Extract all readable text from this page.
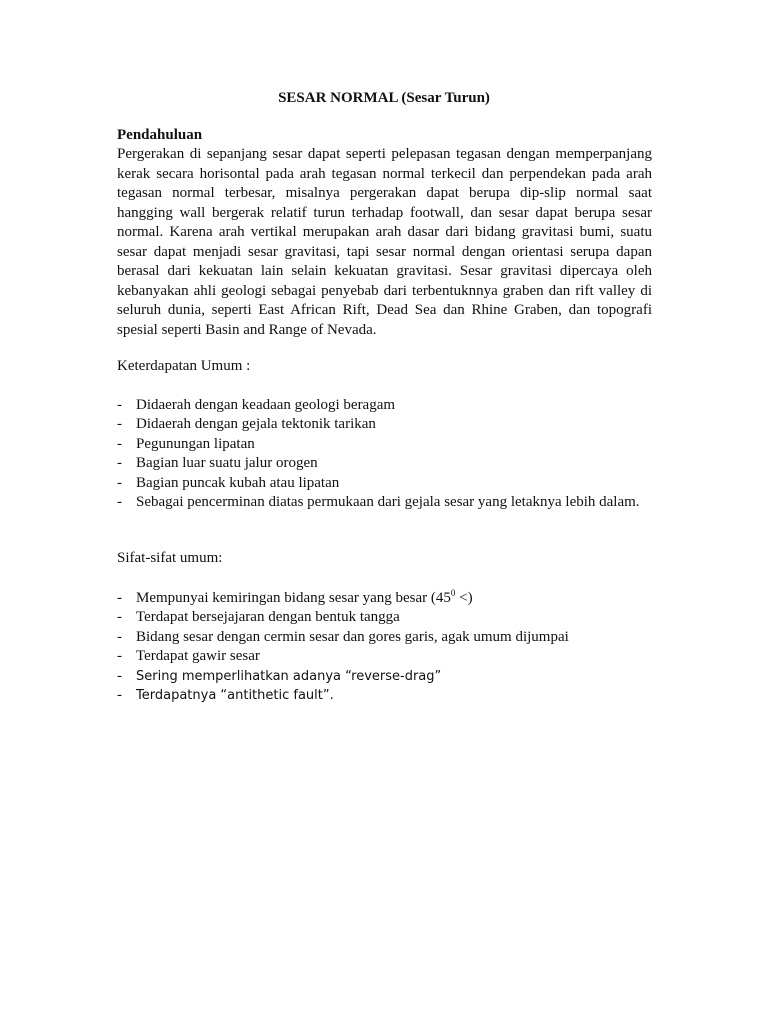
SESAR NORMAL (Sesar Turun)
Pendahuluan

Pergerakan di sepanjang sesar dapat seperti pelepasan tegasan dengan memperpanjang kerak secara horisontal pada arah tegasan normal terkecil dan perpendekan pada arah tegasan normal terbesar, misalnya pergerakan dapat berupa dip-slip normal saat hangging wall bergerak relatif turun terhadap footwall, dan sesar dapat berupa sesar normal. Karena arah vertikal merupakan arah dasar dari bidang gravitasi bumi, suatu sesar dapat menjadi sesar gravitasi, tapi sesar normal dengan orientasi serupa dapan berasal dari kekuatan lain selain kekuatan gravitasi. Sesar gravitasi dipercaya oleh kebanyakan ahli geologi sebagai penyebab dari terbentuknnya graben dan rift valley di seluruh dunia, seperti East African Rift, Dead Sea dan Rhine Graben, dan topografi spesial seperti Basin and Range of Nevada.

Keterdapatan Umum :
- Didaerah dengan keadaan geologi beragam
- Didaerah dengan gejala tektonik tarikan
- Pegunungan lipatan
- Bagian luar suatu jalur orogen
- Bagian puncak kubah atau lipatan
- Sebagai pencerminan diatas permukaan dari gejala sesar yang letaknya lebih dalam.
Sifat-sifat umum:
- Mempunyai kemiringan bidang sesar yang besar ($45^0$ <)
- Terdapat bersejajaran dengan bentuk tangga
- Bidang sesar dengan cermin sesar dan gores garis, agak umum dijumpai
- Terdapat gawir sesar
- Sering memperlihatkan adanya “reverse-drag”
- Terdapatnya “antithetic fault”.
